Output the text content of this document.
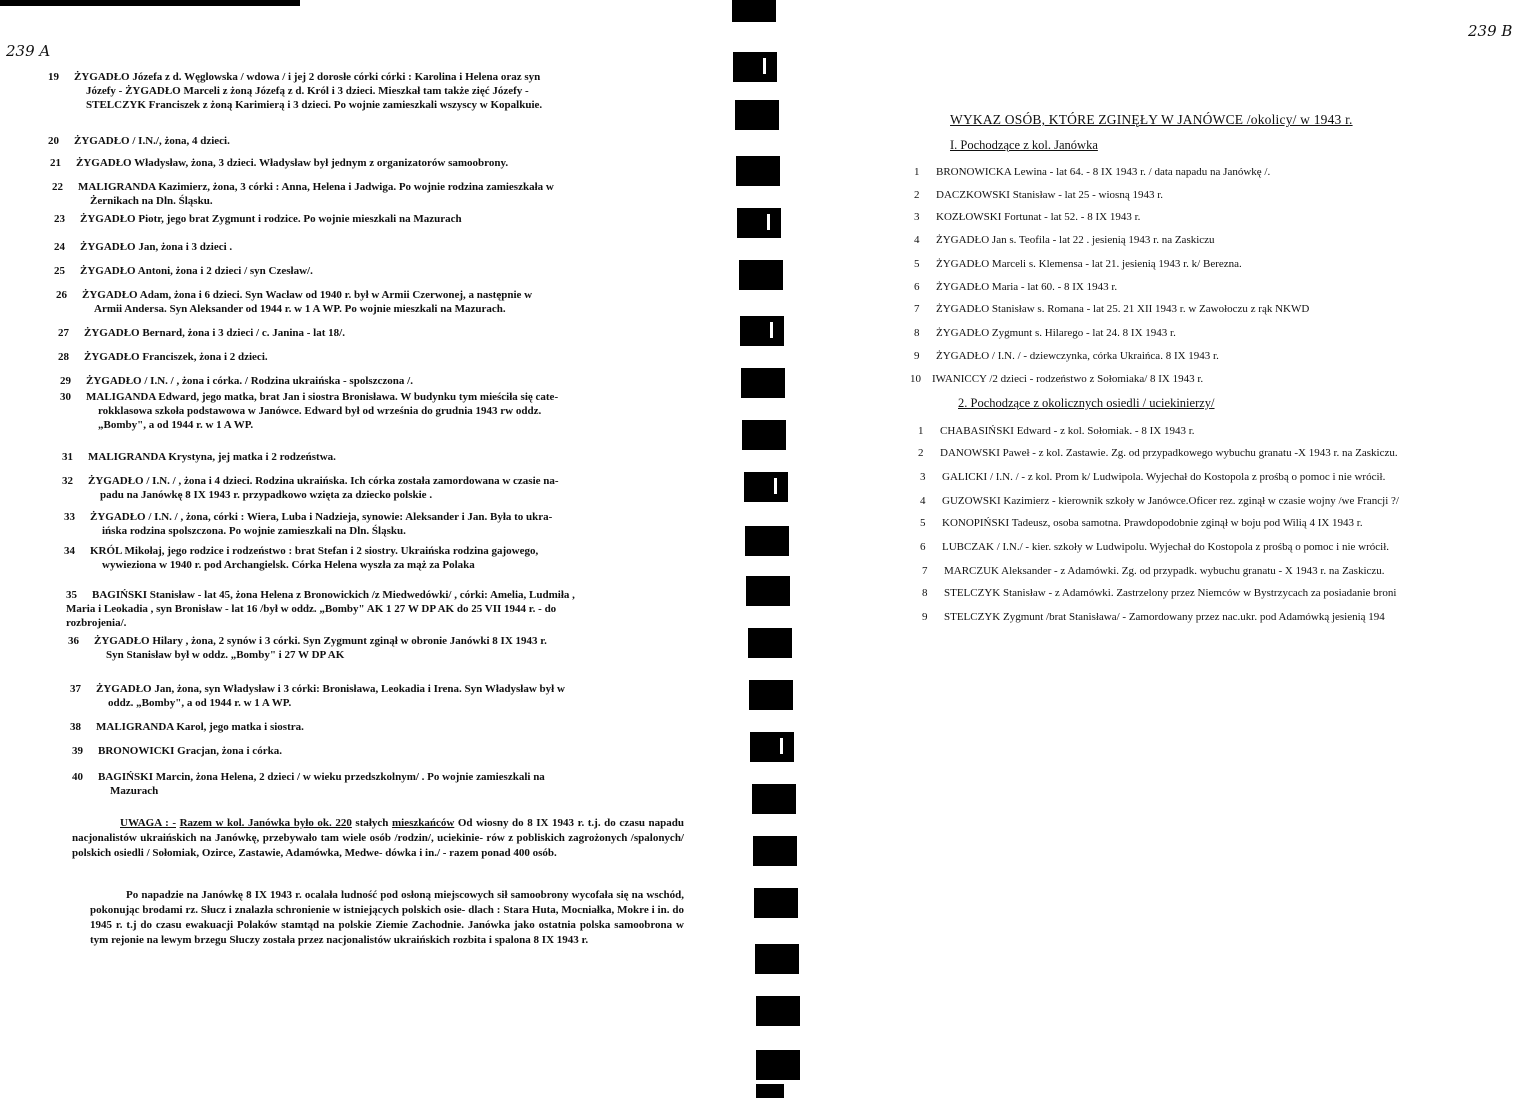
239 A
19 ŻYGADŁO Józefa z d. Węglowska / wdowa / i jej 2 dorosłe córki córki : Karolina i Helena oraz syn
Józefy - ŻYGADŁO Marceli z żoną Józefą z d. Król i 3 dzieci. Mieszkał tam także zięć Józefy -
STELCZYK Franciszek z żoną Karimierą i 3 dzieci. Po wojnie zamieszkali wszyscy w Kopalkuie.
20 ŻYGADŁO / I.N./, żona, 4 dzieci.
21 ŻYGADŁO Władysław, żona, 3 dzieci. Władysław był jednym z organizatorów samoobrony.
22 MALIGRANDA Kazimierz, żona, 3 córki : Anna, Helena i Jadwiga. Po wojnie rodzina zamieszkała w
Żernikach na Dln. Śląsku.
23 ŻYGADŁO Piotr, jego brat Zygmunt i rodzice. Po wojnie mieszkali na Mazurach
24 ŻYGADŁO Jan, żona i 3 dzieci .
25 ŻYGADŁO Antoni, żona i 2 dzieci / syn Czesław/.
26 ŻYGADŁO Adam, żona i 6 dzieci. Syn Wacław od 1940 r. był w Armii Czerwonej, a następnie w
Armii Andersa. Syn Aleksander od 1944 r. w 1 A WP. Po wojnie mieszkali na Mazurach.
27 ŻYGADŁO Bernard, żona i 3 dzieci / c. Janina - lat 18/.
28 ŻYGADŁO Franciszek, żona i 2 dzieci.
29 ŻYGADŁO / I.N. / , żona i córka. / Rodzina ukraińska - spolszczona /.
30 MALIGANDA Edward, jego matka, brat Jan i siostra Bronisława. W budynku tym mieściła się cate-
rokklasowa szkoła podstawowa w Janówce. Edward był od września do grudnia 1943 rw oddz.
„Bomby", a od 1944 r. w 1 A WP.
31 MALIGRANDA Krystyna, jej matka i 2 rodzeństwa.
32 ŻYGADŁO / I.N. / , żona i 4 dzieci. Rodzina ukraińska. Ich córka została zamordowana w czasie na-
padu na Janówkę 8 IX 1943 r. przypadkowo wzięta za dziecko polskie .
33 ŻYGADŁO / I.N. / , żona, córki : Wiera, Luba i Nadzieja, synowie: Aleksander i Jan. Była to ukra-
ińska rodzina spolszczona. Po wojnie zamieszkali na Dln. Śląsku.
34 KRÓL Mikołaj, jego rodzice i rodzeństwo : brat Stefan i 2 siostry. Ukraińska rodzina gajowego,
wywieziona w 1940 r. pod Archangielsk. Córka Helena wyszła za mąż za Polaka
35 BAGIŃSKI Stanisław - lat 45, żona Helena z Bronowickich /z Miedwedówki/ , córki: Amelia, Ludmiła ,
Maria i Leokadia , syn Bronisław - lat 16 /był w oddz. „Bomby" AK 1 27 W DP AK do 25 VII 1944 r. - do
rozbrojenia/.
36 ŻYGADŁO Hilary , żona, 2 synów i 3 córki. Syn Zygmunt zginął w obronie Janówki 8 IX 1943 r.
Syn Stanisław był w oddz. „Bomby" i 27 W DP AK
37 ŻYGADŁO Jan, żona, syn Władysław i 3 córki: Bronisława, Leokadia i Irena. Syn Władysław był w
oddz. „Bomby", a od 1944 r. w 1 A WP.
38 MALIGRANDA Karol, jego matka i siostra.
39 BRONOWICKI Gracjan, żona i córka.
40 BAGIŃSKI Marcin, żona Helena, 2 dzieci / w wieku przedszkolnym/ . Po wojnie zamieszkali na
Mazurach
UWAGA : - Razem w kol. Janówka było ok. 220 stałych mieszkańców Od wiosny do 8 IX 1943 r. t.j. do czasu napadu nacjonalistów ukraińskich na Janówkę, przebywało tam wiele osób /rodzin/, uciekinie- rów z pobliskich zagrożonych /spalonych/ polskich osiedli / Sołomiak, Ozirce, Zastawie, Adamówka, Medwe- dówka i in./ - razem ponad 400 osób.
Po napadzie na Janówkę 8 IX 1943 r. ocalała ludność pod osłoną miejscowych sił samoobrony wycofała się na wschód, pokonując brodami rz. Słucz i znalazła schronienie w istniejących polskich osie- dlach : Stara Huta, Mocniałka, Mokre i in. do 1945 r. t.j do czasu ewakuacji Polaków stamtąd na polskie Ziemie Zachodnie. Janówka jako ostatnia polska samoobrona w tym rejonie na lewym brzegu Słuczy została przez nacjonalistów ukraińskich rozbita i spalona 8 IX 1943 r.
239 B
WYKAZ OSÓB, KTÓRE ZGINĘŁY W JANÓWCE /okolicy/ w 1943 r.
I. Pochodzące z kol. Janówka
1 BRONOWICKA Lewina - lat 64. - 8 IX 1943 r. / data napadu na Janówkę /.
2 DACZKOWSKI Stanisław - lat 25 - wiosną 1943 r.
3 KOZŁOWSKI Fortunat - lat 52. - 8 IX 1943 r.
4 ŻYGADŁO Jan s. Teofila - lat 22 . jesienią 1943 r. na Zaskiczu
5 ŻYGADŁO Marceli s. Klemensa - lat 21. jesienią 1943 r. k/ Berezna.
6 ŻYGADŁO Maria - lat 60. - 8 IX 1943 r.
7 ŻYGADŁO Stanisław s. Romana - lat 25. 21 XII 1943 r. w Zawołoczu z rąk NKWD
8 ŻYGADŁO Zygmunt s. Hilarego - lat 24. 8 IX 1943 r.
9 ŻYGADŁO / I.N. / - dziewczynka, córka Ukraińca. 8 IX 1943 r.
10 IWANICCY /2 dzieci - rodzeństwo z Sołomiaka/ 8 IX 1943 r.
2. Pochodzące z okolicznych osiedli / uciekinierzy/
1 CHABASIŃSKI Edward - z kol. Sołomiak. - 8 IX 1943 r.
2 DANOWSKI Paweł - z kol. Zastawie. Zg. od przypadkowego wybuchu granatu -X 1943 r. na Zaskiczu.
3 GALICKI / I.N. / - z kol. Prom k/ Ludwipola. Wyjechał do Kostopola z prośbą o pomoc i nie wrócił.
4 GUZOWSKI Kazimierz - kierownik szkoły w Janówce.Oficer rez. zginął w czasie wojny /we Francji ?/
5 KONOPIŃSKI Tadeusz, osoba samotna. Prawdopodobnie zginął w boju pod Wilią 4 IX 1943 r.
6 LUBCZAK / I.N./ - kier. szkoły w Ludwipolu. Wyjechał do Kostopola z prośbą o pomoc i nie wrócił.
7 MARCZUK Aleksander - z Adamówki. Zg. od przypadk. wybuchu granatu - X 1943 r. na Zaskiczu.
8 STELCZYK Stanisław - z Adamówki. Zastrzelony przez Niemców w Bystrzycach za posiadanie broni
9 STELCZYK Zygmunt /brat Stanisława/ - Zamordowany przez nac.ukr. pod Adamówką jesienią 194
